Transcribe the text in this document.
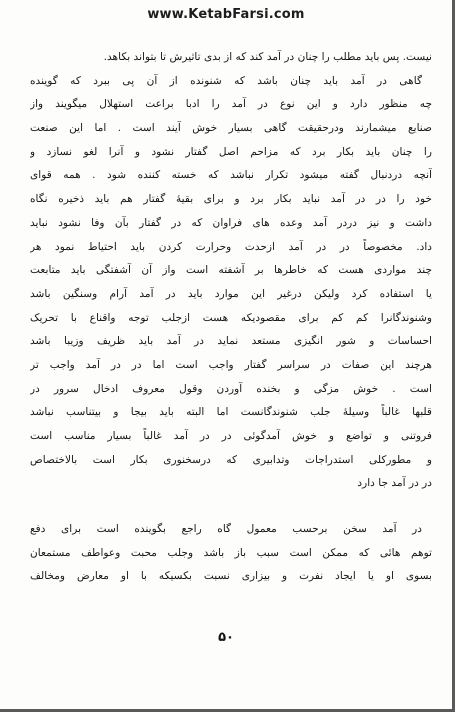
www.KetabFarsi.com
نیست. پس باید مطلب را چنان در آمد کند که از بدی تاثیرش تا بتواند بکاهد.
گاهی در آمد باید چنان باشد که شنونده از آن پی ببرد که گوینده
چه منظور دارد و این نوع در آمد را ادبا براعت استهلال میگویند واز
صنایع میشمارند ودرحقیقت گاهی بسیار خوش آیند است . اما این صنعت
را چنان باید بکار برد که مزاحم اصل گفتار نشود و آنرا لغو نسازد و
آنچه دردنبال گفته میشود تکرار نباشد که خسته کننده شود . همه قوای
خود را در در آمد نباید بکار برد و برای بقیهٔ گفتار هم باید ذخیره نگاه
داشت و نیز دردر آمد وعده های فراوان که در گفتار بآن وفا نشود نباید
داد. مخصوصاً در در آمد ازحدت وحرارت کردن باید احتیاط نمود هر
چند مواردی هست که خاطرها بر آشفته است واز آن آشفتگی باید متابعت
یا استفاده کرد ولیکن درغیر این موارد باید در آمد آرام وسنگین باشد
وشنوندگانرا کم کم برای مقصودیکه هست ازجلب توجه واقناع با تحریک
احساسات و شور انگیزی مستعد نماید در آمد باید ظریف وزیبا باشد
هرچند این صفات در سراسر گفتار واجب است اما در در آمد واجب تر
است . خوش مزگی و بخنده آوردن وقول معروف ادخال سرور در
قلبها غالباً وسیلهٔ جلب شنوندگانست اما البته باید بیجا و بیتناسب نباشد
فروتنی و تواضع و خوش آمدگوئی در در آمد غالباً بسیار مناسب است
و مطورکلی استدراجات وتدابیری که درسخنوری بکار است بالاختصاص
در در آمد جا دارد
در آمد سخن برحسب معمول گاه راجع بگوینده است برای دفع
توهم هائی که ممکن است سبب باز باشد وجلب محبت وعواطف مستمعان
بسوی او یا ایجاد نفرت و بیزاری نسبت بکسیکه با او معارض ومخالف
۵۰
